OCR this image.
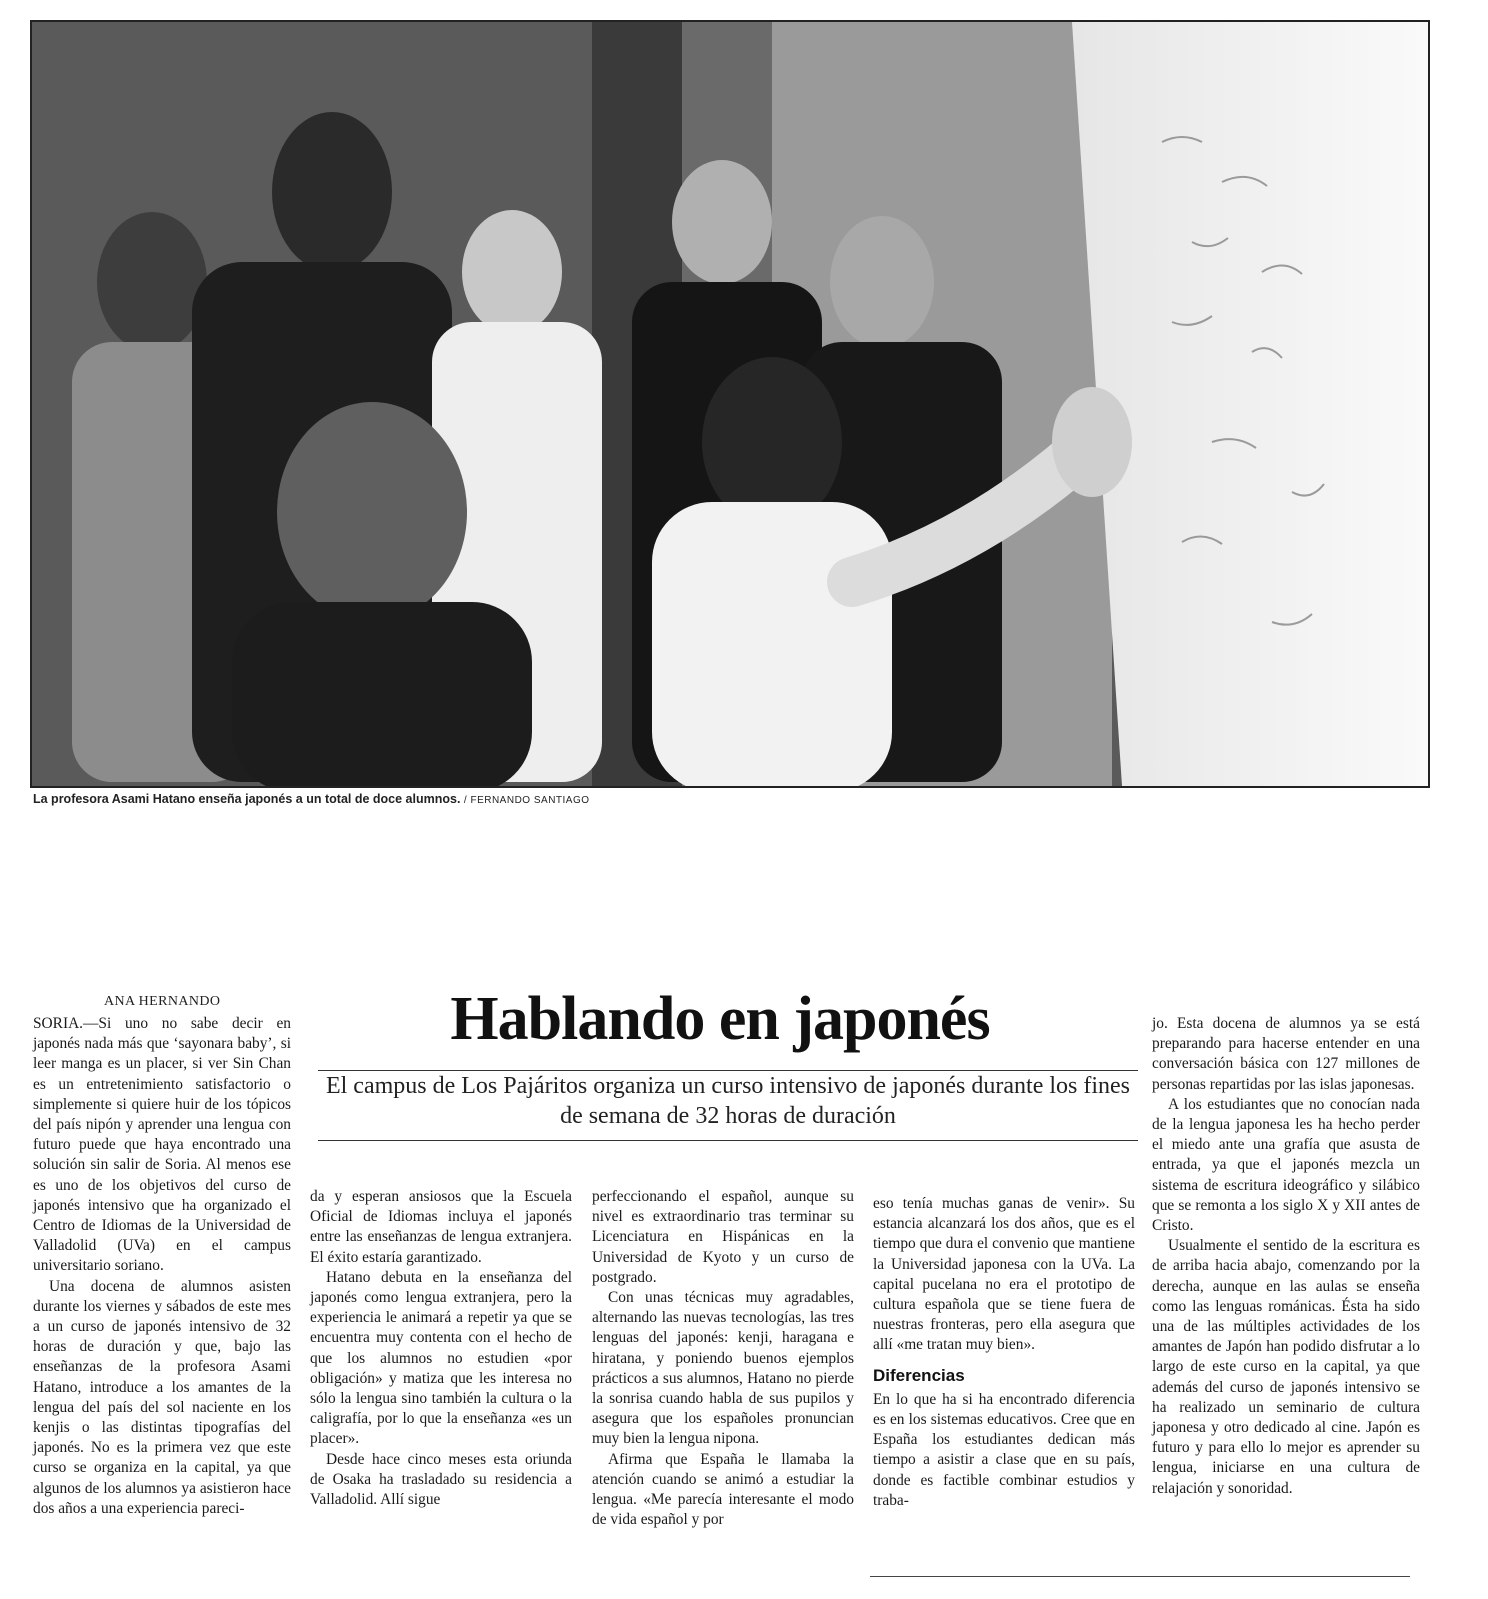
La profesora Asami Hatano enseña japonés a un total de doce alumnos. / FERNANDO SANTIAGO
ANA HERNANDO	Hablando en japonés
El campus de Los Pajáritos organiza un curso intensivo de japonés durante los fines de semana de 32 horas de duración

SORIA.—Si uno no sabe decir en japonés nada más que ‘sayonara baby’, si leer manga es un placer, si ver Sin Chan es un entretenimiento satisfactorio o simplemente si quiere huir de los tópicos del país nipón y aprender una lengua con futuro puede que haya encontrado una solución sin salir de Soria. Al menos ese es uno de los objetivos del curso de japonés intensivo que ha organizado el Centro de Idiomas de la Universidad de Valladolid (UVa) en el campus universitario soriano.

Una docena de alumnos asisten durante los viernes y sábados de este mes a un curso de japonés intensivo de 32 horas de duración y que, bajo las enseñanzas de la profesora Asami Hatano, introduce a los amantes de la lengua del país del sol naciente en los kenjis o las distintas tipografías del japonés. No es la primera vez que este curso se organiza en la capital, ya que algunos de los alumnos ya asistieron hace dos años a una experiencia pareci-

da y esperan ansiosos que la Escuela Oficial de Idiomas incluya el japonés entre las enseñanzas de lengua extranjera. El éxito estaría garantizado.

Hatano debuta en la enseñanza del japonés como lengua extranjera, pero la experiencia le animará a repetir ya que se encuentra muy contenta con el hecho de que los alumnos no estudien «por obligación» y matiza que les interesa no sólo la lengua sino también la cultura o la caligrafía, por lo que la enseñanza «es un placer».

Desde hace cinco meses esta oriunda de Osaka ha trasladado su residencia a Valladolid. Allí sigue

perfeccionando el español, aunque su nivel es extraordinario tras terminar su Licenciatura en Hispánicas en la Universidad de Kyoto y un curso de postgrado.

Con unas técnicas muy agradables, alternando las nuevas tecnologías, las tres lenguas del japonés: kenji, haragana e hiratana, y poniendo buenos ejemplos prácticos a sus alumnos, Hatano no pierde la sonrisa cuando habla de sus pupilos y asegura que los españoles pronuncian muy bien la lengua nipona.

Afirma que España le llamaba la atención cuando se animó a estudiar la lengua. «Me parecía interesante el modo de vida español y por

eso tenía muchas ganas de venir». Su estancia alcanzará los dos años, que es el tiempo que dura el convenio que mantiene la Universidad japonesa con la UVa. La capital pucelana no era el prototipo de cultura española que se tiene fuera de nuestras fronteras, pero ella asegura que allí «me tratan muy bien».

Diferencias

En lo que ha si ha encontrado diferencia es en los sistemas educativos. Cree que en España los estudiantes dedican más tiempo a asistir a clase que en su país, donde es factible combinar estudios y traba-

jo. Esta docena de alumnos ya se está preparando para hacerse entender en una conversación básica con 127 millones de personas repartidas por las islas japonesas.

A los estudiantes que no conocían nada de la lengua japonesa les ha hecho perder el miedo ante una grafía que asusta de entrada, ya que el japonés mezcla un sistema de escritura ideográfico y silábico que se remonta a los siglo X y XII antes de Cristo.

Usualmente el sentido de la escritura es de arriba hacia abajo, comenzando por la derecha, aunque en las aulas se enseña como las lenguas románicas. Ésta ha sido una de las múltiples actividades de los amantes de Japón han podido disfrutar a lo largo de este curso en la capital, ya que además del curso de japonés intensivo se ha realizado un seminario de cultura japonesa y otro dedicado al cine. Japón es futuro y para ello lo mejor es aprender su lengua, iniciarse en una cultura de relajación y sonoridad.
